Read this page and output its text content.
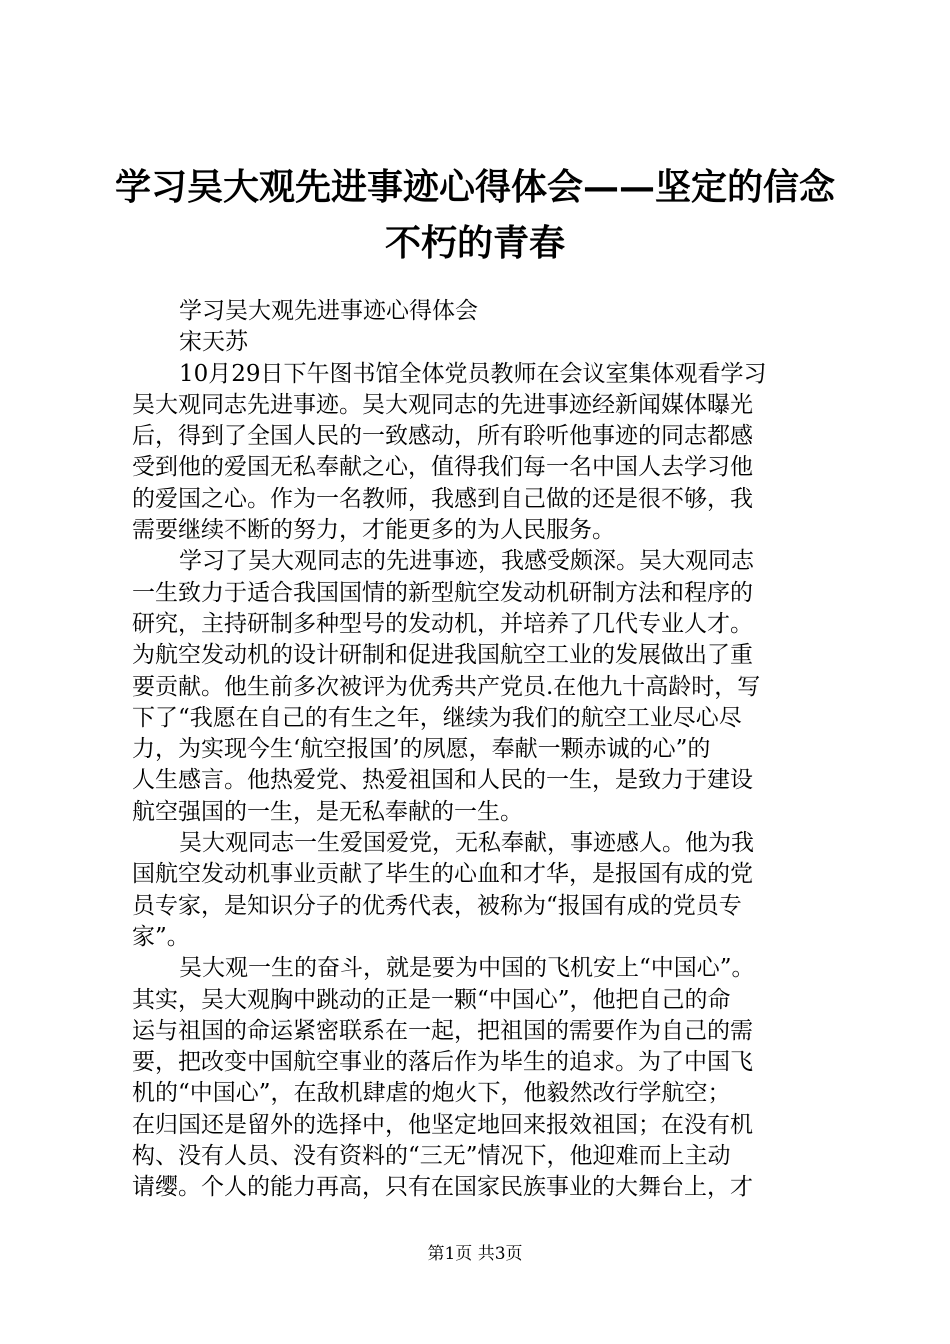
学习吴大观先进事迹心得体会——坚定的信念
不朽的青春
学习吴大观先进事迹心得体会
宋天苏
10月29日下午图书馆全体党员教师在会议室集体观看学习
吴大观同志先进事迹。吴大观同志的先进事迹经新闻媒体曝光
后，得到了全国人民的一致感动，所有聆听他事迹的同志都感
受到他的爱国无私奉献之心，值得我们每一名中国人去学习他
的爱国之心。作为一名教师，我感到自己做的还是很不够，我
需要继续不断的努力，才能更多的为人民服务。
学习了吴大观同志的先进事迹，我感受颇深。吴大观同志
一生致力于适合我国国情的新型航空发动机研制方法和程序的
研究，主持研制多种型号的发动机，并培养了几代专业人才。
为航空发动机的设计研制和促进我国航空工业的发展做出了重
要贡献。他生前多次被评为优秀共产党员.在他九十高龄时，写
下了“我愿在自己的有生之年，继续为我们的航空工业尽心尽
力，为实现今生‘航空报国’的夙愿，奉献一颗赤诚的心”的
人生感言。他热爱党、热爱祖国和人民的一生，是致力于建设
航空强国的一生，是无私奉献的一生。
吴大观同志一生爱国爱党，无私奉献，事迹感人。他为我
国航空发动机事业贡献了毕生的心血和才华，是报国有成的党
员专家，是知识分子的优秀代表，被称为“报国有成的党员专
家”。
吴大观一生的奋斗，就是要为中国的飞机安上“中国心”。
其实，吴大观胸中跳动的正是一颗“中国心”，他把自己的命
运与祖国的命运紧密联系在一起，把祖国的需要作为自己的需
要，把改变中国航空事业的落后作为毕生的追求。为了中国飞
机的“中国心”，在敌机肆虐的炮火下，他毅然改行学航空；
在归国还是留外的选择中，他坚定地回来报效祖国；在没有机
构、没有人员、没有资料的“三无”情况下，他迎难而上主动
请缨。个人的能力再高，只有在国家民族事业的大舞台上，才
第1页 共3页
